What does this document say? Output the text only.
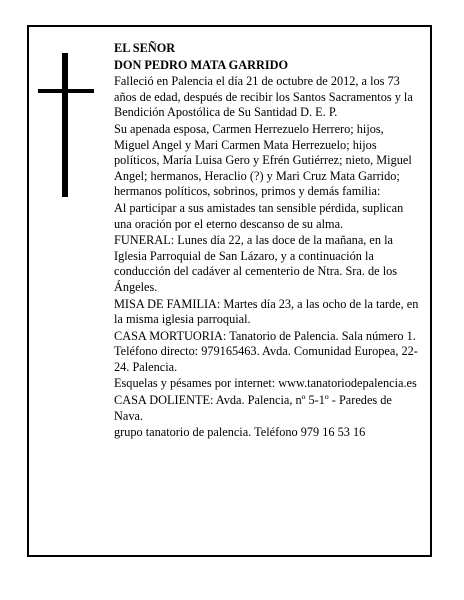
EL SEÑOR

DON PEDRO MATA GARRIDO

Falleció en Palencia el día 21 de octubre de 2012, a los 73 años de edad, después de recibir los Santos Sacramentos y la Bendición Apostólica de Su Santidad D. E. P.

Su apenada esposa, Carmen Herrezuelo Herrero; hijos, Miguel Angel y Mari Carmen Mata Herrezuelo; hijos políticos, María Luisa Gero y Efrén Gutiérrez; nieto, Miguel Angel; hermanos, Heraclio (?) y Mari Cruz Mata Garrido; hermanos políticos, sobrinos, primos y demás familia:

Al participar a sus amistades tan sensible pérdida, suplican una oración por el eterno descanso de su alma.

FUNERAL: Lunes día 22, a las doce de la mañana, en la Iglesia Parroquial de San Lázaro, y a continuación la conducción del cadáver al cementerio de Ntra. Sra. de los Ángeles.

MISA DE FAMILIA: Martes día 23, a las ocho de la tarde, en la misma iglesia parroquial.

CASA MORTUORIA: Tanatorio de Palencia. Sala número 1. Teléfono directo: 979165463. Avda. Comunidad Europea, 22-24. Palencia.

Esquelas y pésames por internet: www.tanatoriodepalencia.es

CASA DOLIENTE: Avda. Palencia, nº 5-1º - Paredes de Nava.

grupo tanatorio de palencia. Teléfono 979 16 53 16
